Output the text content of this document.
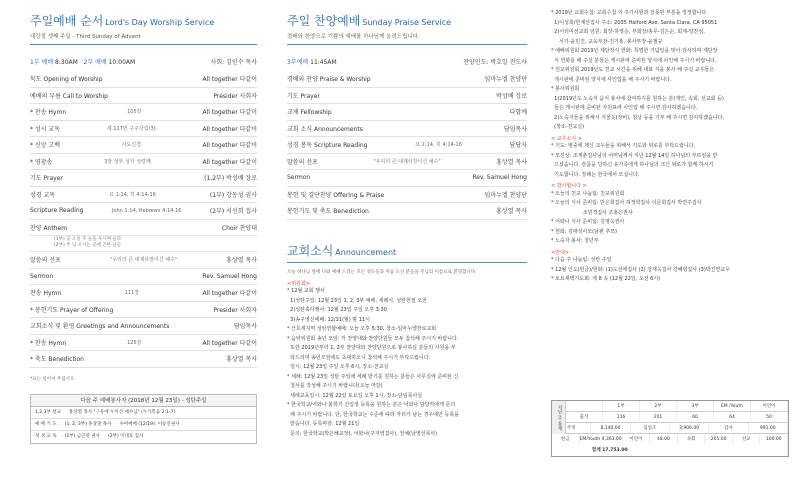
주일예배 순서 Lord's Day Worship Service
대강절 셋째 주일 - Third Sunday of Advent
1부 예배 8:30AM 2부 예배 10:00AM	사회: 김인수 목사
묵도 Opening of Worship	All together 다같이
예배의 부름 Call to Worship	Presider 사회자
* 찬송 Hymn	105장	All together 다같이
* 성시 교독	제 117번 구주강림(3)	All together 다같이
* 신앙 고백	사도신경	All together 다같이
* 영광송	3장 성부 성자 성령께	All together 다같이
기도 Prayer	(1,2부) 박성배 장로
성경 교독	요 1:14, 히 4:14-16	(1부) 강동성 권사
Scripture Reading	John 1:14, Hebrews 4:14-16	(2부) 서선희 집사
찬양 Anthem	Choir 찬양대
(1부) 곧 오실 주 눈을 우시며 들라
(2부) 주 님 오시는 곳에 곤한 날들
말씀의 선포	"우리의 큰 대제사장이신 예수"	홍상열 목사
Sermon	Rev. Samuel Hong
찬송 Hymn	111장	All together 다같이
* 봉헌기도 Prayer of Offering	Presider 사회자
교회소식 및 환영 Greetings and Announcements	담임목사
* 찬송 Hymn	125장	All together 다같이
* 축도 Benediction	홍상열 목사
*표는 일어서 주십시오.
다음 주 예배봉사자 (2018년 12월 23일) - 성탄주일
1,2,3부 설교	홍상열 목사 "구유에 누이신 예수님" (누가복음 2:1-7)
예 배 기 도	(1, 2, 3부) 홍상열 목사	수여예배 (12/19): 이승연권사
성 경 교 독	(1부) 금곤영 권사	(2부) 이대호 집사
주일 찬양예배 Sunday Praise Service
경배와 찬양으로 기쁨의 예배를 하나님께 올려드립니다.
3부예배 11:45AM	찬양인도: 박호일 전도사
경배와 찬양 Praise & Worship	임마누엘 찬양단
기도 Prayer	박성배 장로
교제 Fellowship	다함께
교회 소식 Announcements	담임목사
성경 봉독 Scripture Reading	요 1:14, 히 4:14-16	담당자
말씀의 선포	"우리의 큰 대제사장이신 예수"	홍상열 목사
Sermon	Rev. Samuel Hong
봉헌 및 결단찬양 Offering & Praise	임마누엘 찬양단
봉헌기도 및 축도 Benediction	홍상열 목사
교회소식 Announcement
오늘 하나님 앞에 나와 예배 드리는 모든 성도들과 처음 오신 분들을 주님의 이름으로 환영합니다.
<위원회>
* 12월 교회 행사
1)성탄주일: 12월 23일 1, 2, 3부 예배, 세례식, 성탄헌절 오전
2)성탄축하행사: 12월 23일 주일 오후 3:30
3)송구영신예배: 12/31(월) 밤 11시
* 산호세지역 성탄연합예배: 오늘 오후 5:30, 장소-임마누엘장로교회
* 음악위원회 송년 모임: 각 찬양대와 찬양단원들 모두 참석해 주시기 바랍니다.
또한 2019년부터 1, 2부 찬양대와 찬양단원으로 봉사하실 분들의 자원을 부
탁드리며 송년모임에도 초대하오니 참석해 주시기 부탁드립니다.
일시: 12월 23일 주일 오후 6시, 장소-친교실
* 세례: 12월 23일 성탄 주일에 세례 받기를 원하는 분들은 사무실에 준비된 신
청서를 작성해 주시기 바랍니다(오늘 마감)
세례교육일시: 12월 22일 토요일 오후 1시, 장소-담임목사실
* 한국학교/어와나 봄학기 신입생 등록을 원하는 분은 어와나 담당자에게 문의
해 주시기 바랍니다. 단, 한국학교는 수준에 따라 자리가 남는 경우에만 등록을
받습니다. 등록마감: 12월 21일
문의: 한국학교(박은혜교장), 어와나(구지영집사), 전체(남영선목사)
* 2019년 교회수첩: 교회수첩 의 주가사항과 잘못된 부분을 정정합니다.
1)이성희/한계선집사 주소: 2035 Halford Ave. Santa Clara, CA 95051
2)서리여선교회 임원: 회장-하영순, 부회장/총무-김은순, 회계-양찬심,
서기-윤민진, 교육부장-진기홍, 봉사부장-윤필규
* 예배위원회 2019년 제단장식 헌화: 특별한 기념일을 맞아 감사하며 제단장
식 헌화를 해 주실 분들은 게시판에 준비된 양식에 사인해 주시기 바랍니다.
* 친교위원회 2019년도 친교 시간을 위해 대표 식을 봉사 해 주실 교우들은
게시판에 준비된 양식에 사인업을 해 주시기 바랍니다.
* 봉사위원회
1)2019년도 노숙자 음식 봉사에 참여하기를 원하는 분(개인, 속회, 선교회 등)
들은 게시판에 준비된 자원표에 사인업 해 주시면 감사하겠습니다.
2)노숙자들을 위해서 겨울옷(장비), 침낭 등을 기부 해 주시면 감사하겠습니다.
(장소-친교실)
< 교우소식 >
* 기도: 병중에 계신 교우들을 위해서 기도와 위로를 부탁드립니다.
* 모친상: 조재춘집사님의 어머님께서 지난 12월 14일 하나님의 부르심을 받
으셨습니다. 슬픔을 당하신 유가족에게 하나님의 크신 위로가 함께 하시기
기도합니다. 장례는 한국에서 모십니다.
< 감사합니다 >
* 오늘의 친교 나눔팀: 친교위원회
* 오늘의 식사 준비팀: 반은희집사 허정학집사 이문희집사 박연주집사
조민경집사 조홍은권사
* 어와나 식사 준비팀: 김영옥권사
* 헌화: 김태성사모(남편 추모)
* 노숙자 봉사: 청년부
<안내>
* 다음 주 나눔팀: 성탄 주일
* 12월 인도(헌금)/헌화: (1)도선애집사 (2) 강재옥집사 강혜령집사 (3)박진연교우
* 토요새벽기도회: 제 8 속 (12월 22일, 오전 6시)
지난 주 통계	1부	2부	3부	EM /Youth	어린이
출석	116	201	60	64	50
주정	8,140.00	십일조	3,906.00	감사	991.00
헌금	EM/Youth 4,363.00	어린이	48.00	속회	205.00	선교	100.00
합계 17,753.00
